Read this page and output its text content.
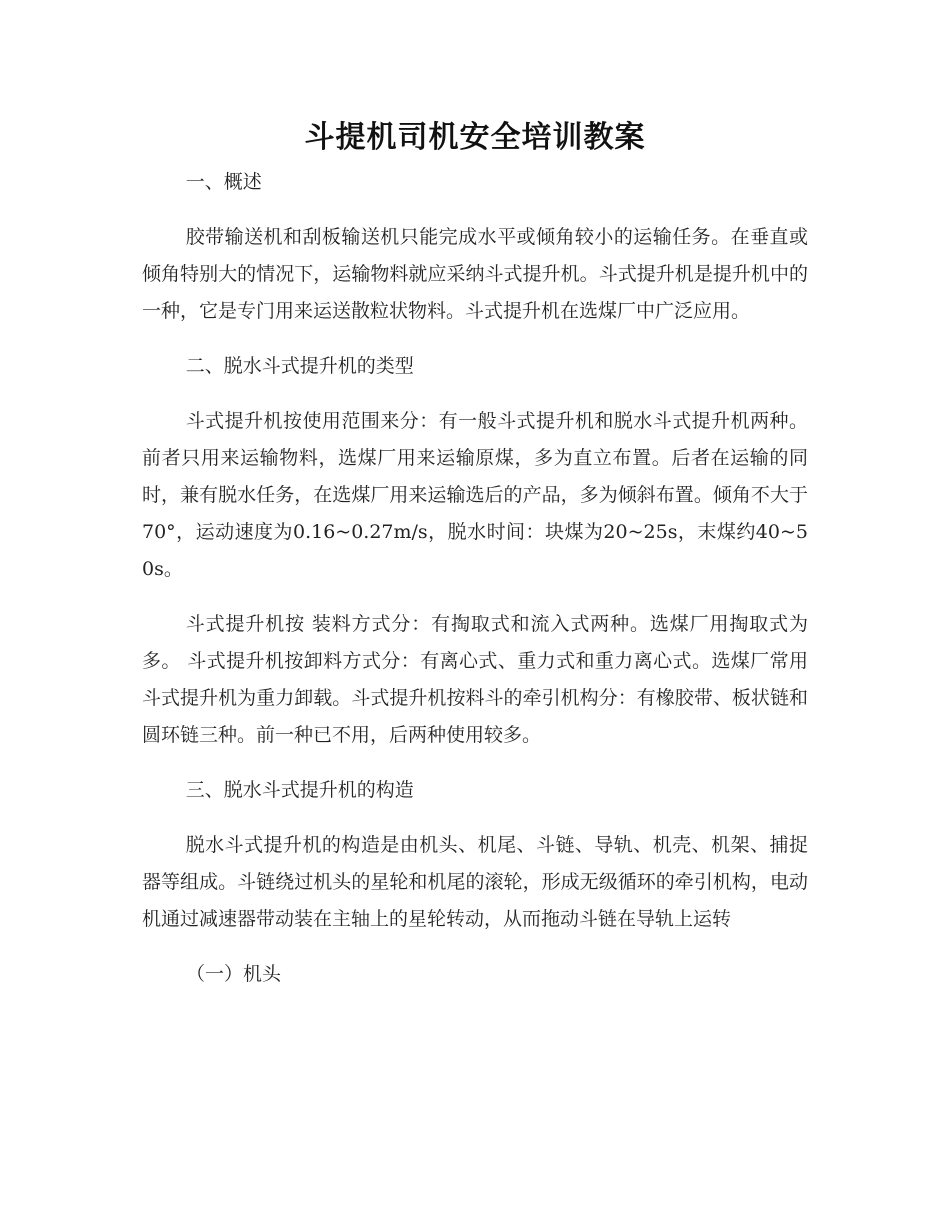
斗提机司机安全培训教案
一、概述
胶带输送机和刮板输送机只能完成水平或倾角较小的运输任务。在垂直或倾角特别大的情况下，运输物料就应采纳斗式提升机。斗式提升机是提升机中的一种，它是专门用来运送散粒状物料。斗式提升机在选煤厂中广泛应用。
二、脱水斗式提升机的类型
斗式提升机按使用范围来分：有一般斗式提升机和脱水斗式提升机两种。前者只用来运输物料，选煤厂用来运输原煤，多为直立布置。后者在运输的同时，兼有脱水任务，在选煤厂用来运输选后的产品，多为倾斜布置。倾角不大于70°，运动速度为0.16~0.27m/s，脱水时间：块煤为20~25s，末煤约40~50s。
斗式提升机按 装料方式分：有掏取式和流入式两种。选煤厂用掏取式为多。 斗式提升机按卸料方式分：有离心式、重力式和重力离心式。选煤厂常用斗式提升机为重力卸载。斗式提升机按料斗的牵引机构分：有橡胶带、板状链和圆环链三种。前一种已不用，后两种使用较多。
三、脱水斗式提升机的构造
脱水斗式提升机的构造是由机头、机尾、斗链、导轨、机壳、机架、捕捉器等组成。斗链绕过机头的星轮和机尾的滚轮，形成无级循环的牵引机构，电动机通过减速器带动装在主轴上的星轮转动，从而拖动斗链在导轨上运转
（一）机头
